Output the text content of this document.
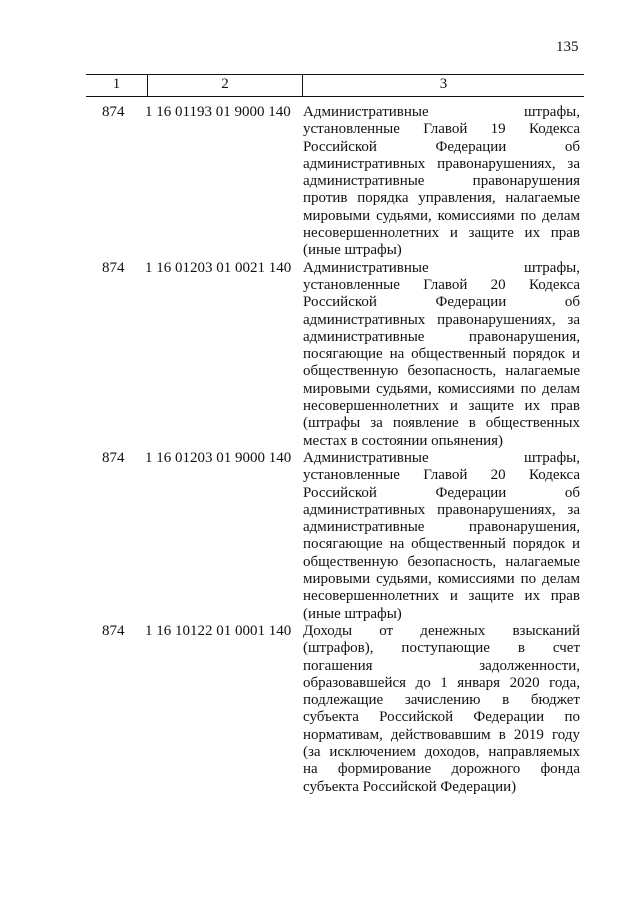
135
1	2	3
874 1 16 01193 01 9000 140 Административные штрафы,
установленные Главой 19 Кодекса
Российской Федерации об
административных правонарушениях, за
административные правонарушения
против порядка управления, налагаемые
мировыми судьями, комиссиями по делам
несовершеннолетних и защите их прав
(иные штрафы)
874 1 16 01203 01 0021 140 Административные штрафы,
установленные Главой 20 Кодекса
Российской Федерации об
административных правонарушениях, за
административные правонарушения,
посягающие на общественный порядок и
общественную безопасность, налагаемые
мировыми судьями, комиссиями по делам
несовершеннолетних и защите их прав
(штрафы за появление в общественных
местах в состоянии опьянения)
874 1 16 01203 01 9000 140 Административные штрафы,
установленные Главой 20 Кодекса
Российской Федерации об
административных правонарушениях, за
административные правонарушения,
посягающие на общественный порядок и
общественную безопасность, налагаемые
мировыми судьями, комиссиями по делам
несовершеннолетних и защите их прав
(иные штрафы)
874 1 16 10122 01 0001 140 Доходы от денежных взысканий
(штрафов), поступающие в счет
погашения задолженности,
образовавшейся до 1 января 2020 года,
подлежащие зачислению в бюджет
субъекта Российской Федерации по
нормативам, действовавшим в 2019 году
(за исключением доходов, направляемых
на формирование дорожного фонда
субъекта Российской Федерации)
